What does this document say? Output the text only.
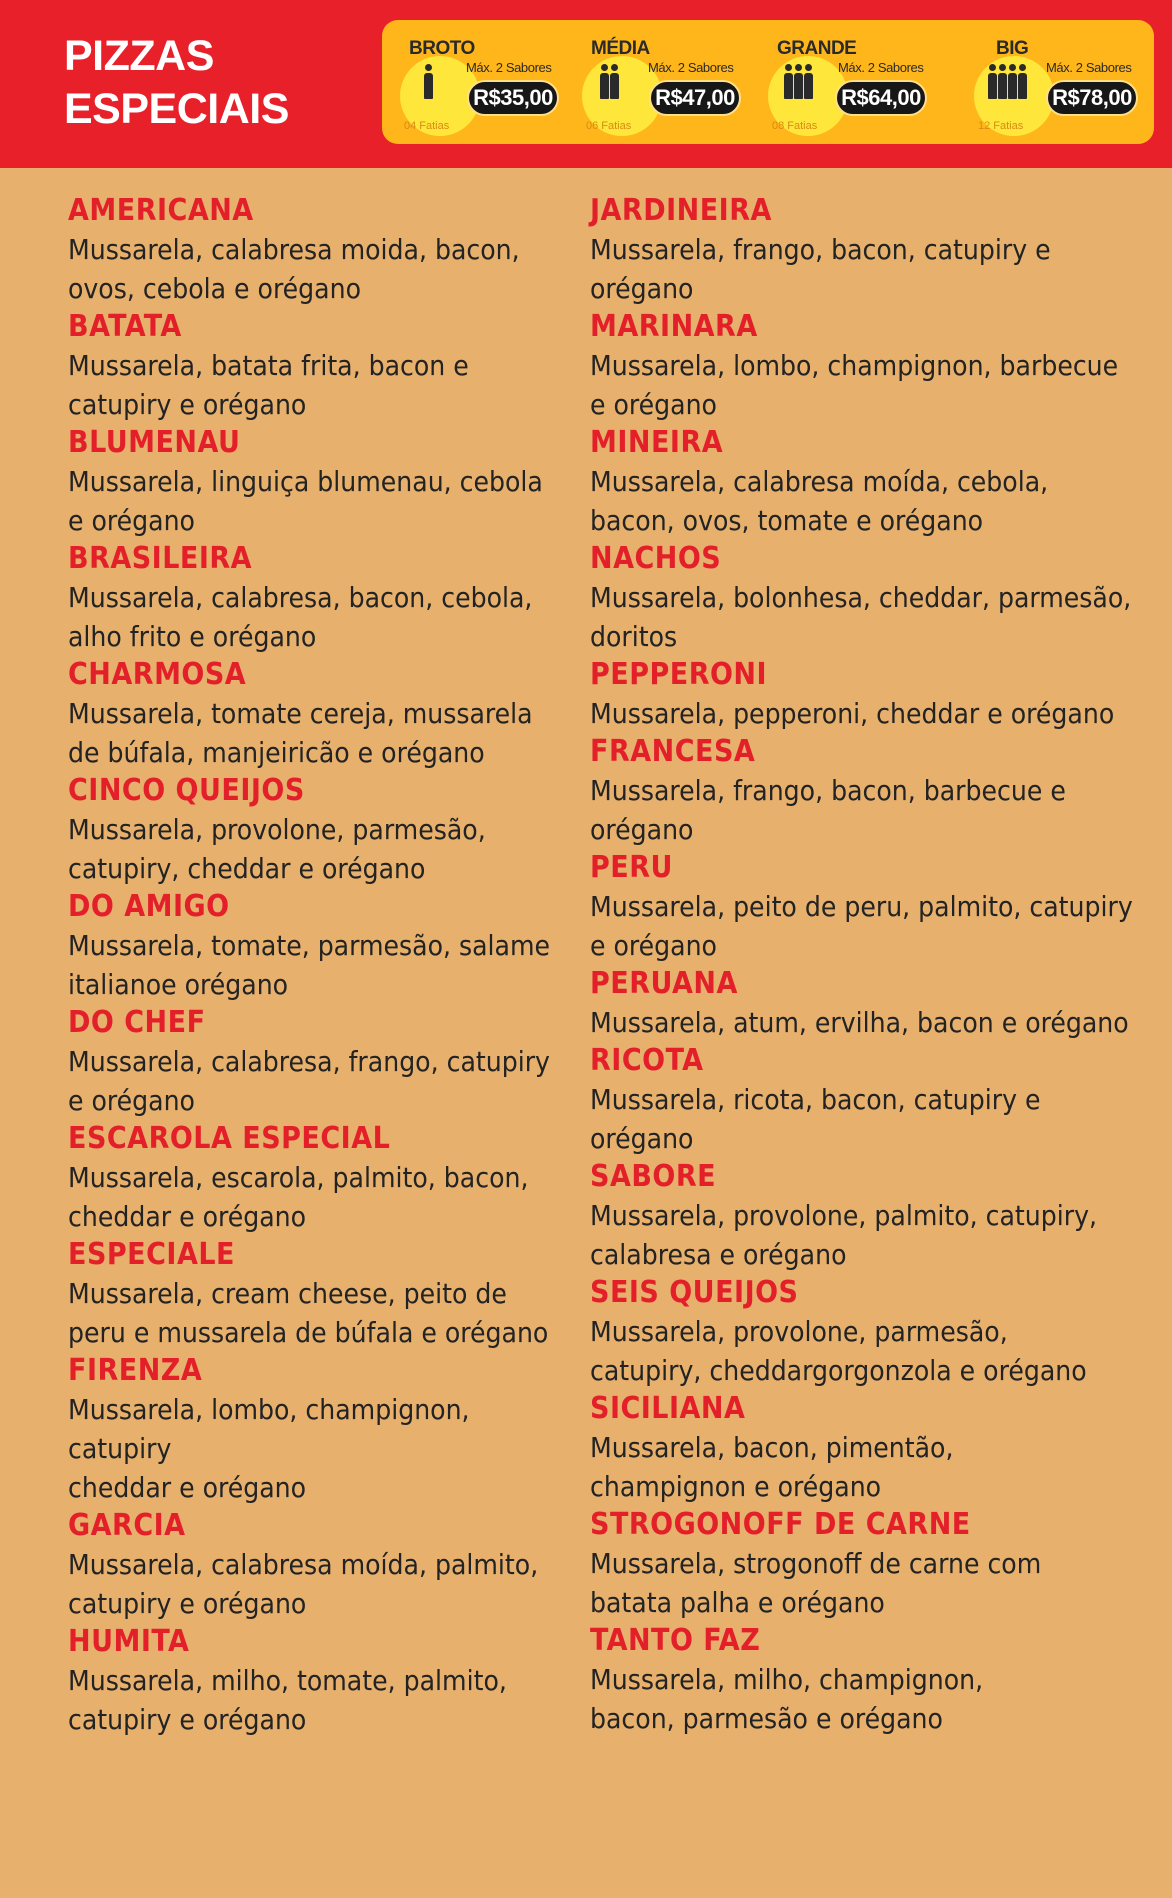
PIZZAS
ESPECIAIS
BROTO
Máx. 2 Sabores
04 Fatias
R$35,00
MÉDIA
Máx. 2 Sabores
06 Fatias
R$47,00
GRANDE
Máx. 2 Sabores
08 Fatias
R$64,00
BIG
Máx. 2 Sabores
12 Fatias
R$78,00
AMERICANA
Mussarela, calabresa moida, bacon,
ovos, cebola e orégano
BATATA
Mussarela, batata frita, bacon e
catupiry e orégano
BLUMENAU
Mussarela, linguiça blumenau, cebola
e orégano
BRASILEIRA
Mussarela, calabresa, bacon, cebola,
alho frito e orégano
CHARMOSA
Mussarela, tomate cereja, mussarela
de búfala, manjeiricão e orégano
CINCO QUEIJOS
Mussarela, provolone, parmesão,
catupiry, cheddar e orégano
DO AMIGO
Mussarela, tomate, parmesão, salame
italianoe orégano
DO CHEF
Mussarela, calabresa, frango, catupiry
e orégano
ESCAROLA ESPECIAL
Mussarela, escarola, palmito, bacon,
cheddar e orégano
ESPECIALE
Mussarela, cream cheese, peito de
peru e mussarela de búfala e orégano
FIRENZA
Mussarela, lombo, champignon, catupiry
cheddar e orégano
GARCIA
Mussarela, calabresa moída, palmito,
catupiry e orégano
HUMITA
Mussarela, milho, tomate, palmito,
catupiry e orégano
JARDINEIRA
Mussarela, frango, bacon, catupiry e
orégano
MARINARA
Mussarela, lombo, champignon, barbecue
e orégano
MINEIRA
Mussarela, calabresa moída, cebola,
bacon, ovos, tomate e orégano
NACHOS
Mussarela, bolonhesa, cheddar, parmesão,
doritos
PEPPERONI
Mussarela, pepperoni, cheddar e orégano
FRANCESA
Mussarela, frango, bacon, barbecue e
orégano
PERU
Mussarela, peito de peru, palmito, catupiry
e orégano
PERUANA
Mussarela, atum, ervilha, bacon e orégano
RICOTA
Mussarela, ricota, bacon, catupiry e
orégano
SABORE
Mussarela, provolone, palmito, catupiry,
calabresa e orégano
SEIS QUEIJOS
Mussarela, provolone, parmesão,
catupiry, cheddargorgonzola e orégano
SICILIANA
Mussarela, bacon, pimentão,
champignon e orégano
STROGONOFF DE CARNE
Mussarela, strogonoff de carne com
batata palha e orégano
TANTO FAZ
Mussarela, milho, champignon,
bacon, parmesão e orégano
